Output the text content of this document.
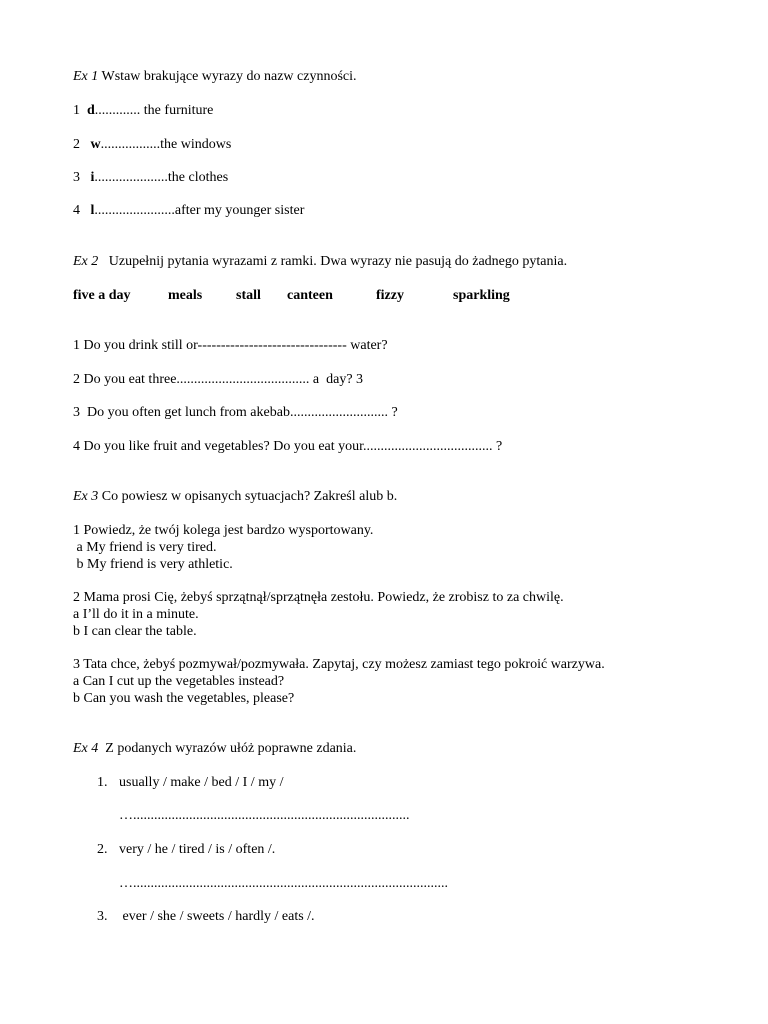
Ex 1 Wstaw brakujące wyrazy do nazw czynności.
1  d............. the furniture
2   w.................the windows
3   i.....................the clothes
4   l.......................after my younger sister
Ex 2   Uzupełnij pytania wyrazami z ramki. Dwa wyrazy nie pasują do żadnego pytania.
five a day	meals stall canteen	fizzy	sparkling
1 Do you drink still or-------------------------------- water?
2 Do you eat three...................................... a  day? 3
3  Do you often get lunch from akebab............................ ?
4 Do you like fruit and vegetables? Do you eat your..................................... ?
Ex 3 Co powiesz w opisanych sytuacjach? Zakreśl alub b.
1 Powiedz, że twój kolega jest bardzo wysportowany.
a My friend is very tired.
b My friend is very athletic.
2 Mama prosi Cię, żebyś sprzątnął/sprzątnęła zestołu. Powiedz, że zrobisz to za chwilę.
a I’ll do it in a minute.
b I can clear the table.
3 Tata chce, żebyś pozmywał/pozmywała. Zapytaj, czy możesz zamiast tego pokroić warzywa.
a Can I cut up the vegetables instead?
b Can you wash the vegetables, please?
Ex 4  Z podanych wyrazów ułóż poprawne zdania.
1. usually / make / bed / I / my /
…...............................................................................
2. very / he / tired / is / often /.
…..........................................................................................
3. ever / she / sweets / hardly / eats /.
